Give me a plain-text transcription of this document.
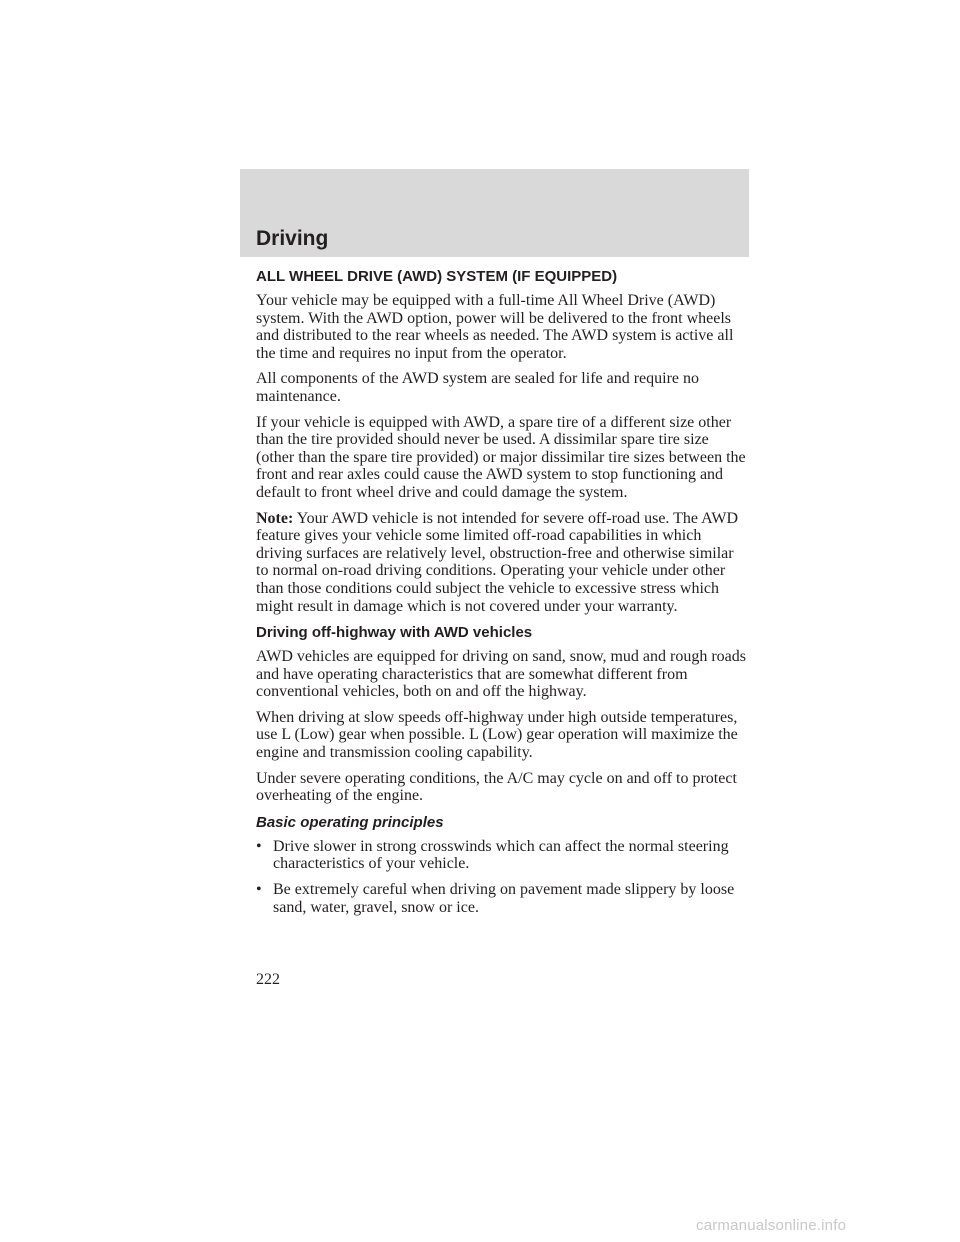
Driving
ALL WHEEL DRIVE (AWD) SYSTEM (IF EQUIPPED)

Your vehicle may be equipped with a full-time All Wheel Drive (AWD) system. With the AWD option, power will be delivered to the front wheels and distributed to the rear wheels as needed. The AWD system is active all the time and requires no input from the operator.

All components of the AWD system are sealed for life and require no maintenance.

If your vehicle is equipped with AWD, a spare tire of a different size other than the tire provided should never be used. A dissimilar spare tire size (other than the spare tire provided) or major dissimilar tire sizes between the front and rear axles could cause the AWD system to stop functioning and default to front wheel drive and could damage the system.

Note: Your AWD vehicle is not intended for severe off-road use. The AWD feature gives your vehicle some limited off-road capabilities in which driving surfaces are relatively level, obstruction-free and otherwise similar to normal on-road driving conditions. Operating your vehicle under other than those conditions could subject the vehicle to excessive stress which might result in damage which is not covered under your warranty.

Driving off-highway with AWD vehicles

AWD vehicles are equipped for driving on sand, snow, mud and rough roads and have operating characteristics that are somewhat different from conventional vehicles, both on and off the highway.

When driving at slow speeds off-highway under high outside temperatures, use L (Low) gear when possible. L (Low) gear operation will maximize the engine and transmission cooling capability.

Under severe operating conditions, the A/C may cycle on and off to protect overheating of the engine.

Basic operating principles
• Drive slower in strong crosswinds which can affect the normal steering characteristics of your vehicle.
• Be extremely careful when driving on pavement made slippery by loose sand, water, gravel, snow or ice.
222
carmanualsonline.info
